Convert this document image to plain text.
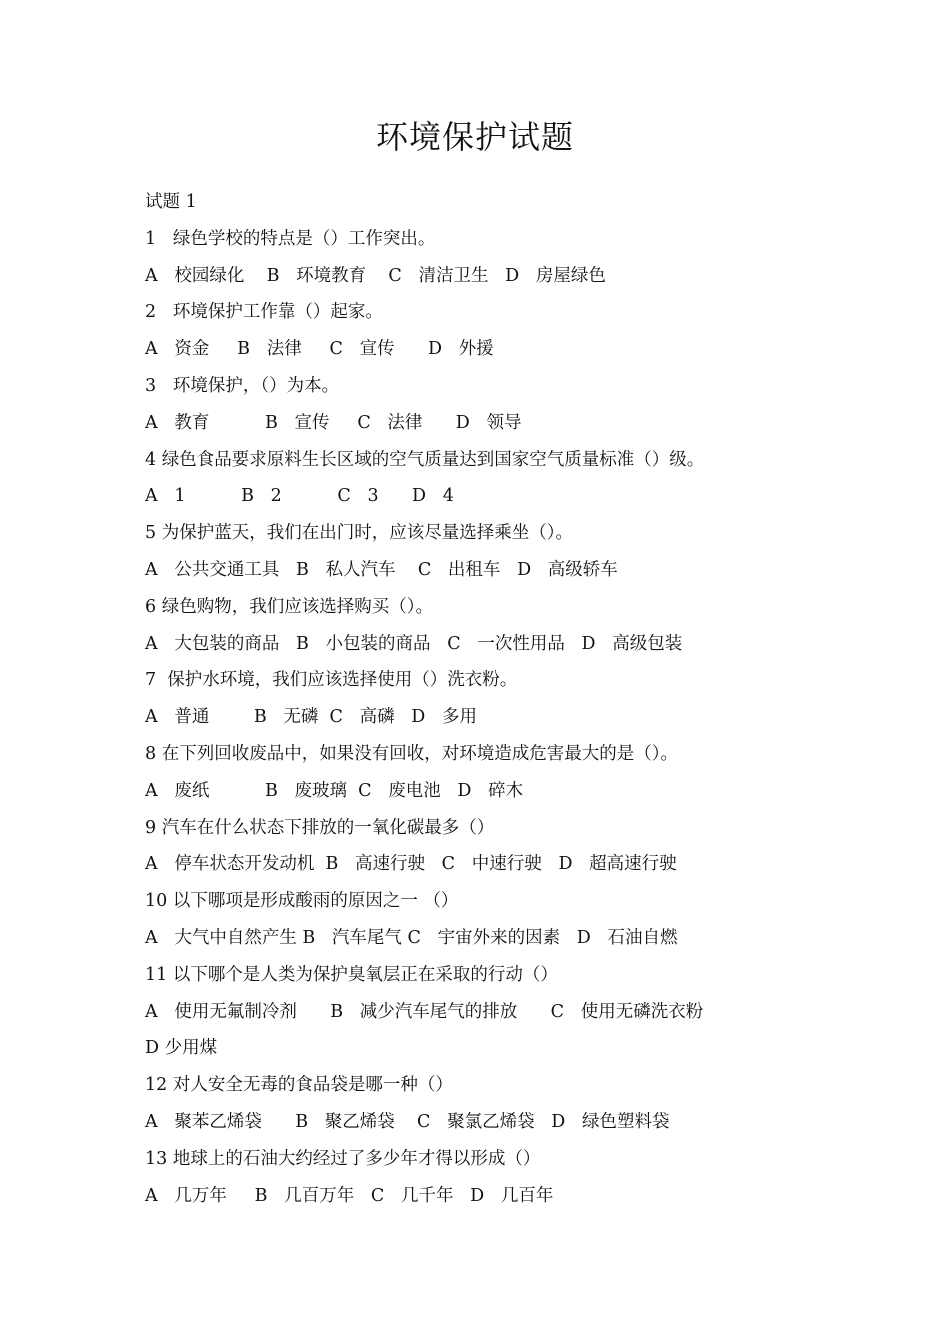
环境保护试题
试题 1
1   绿色学校的特点是（）工作突出。
A   校园绿化    B   环境教育    C   清洁卫生   D   房屋绿色
2   环境保护工作靠（）起家。
A   资金     B   法律     C   宣传      D   外援
3   环境保护，（）为本。
A   教育          B   宣传     C   法律      D   领导
4 绿色食品要求原料生长区域的空气质量达到国家空气质量标准（）级。
A   1          B   2          C   3      D   4
5 为保护蓝天，我们在出门时，应该尽量选择乘坐（）。
A   公共交通工具   B   私人汽车    C   出租车   D   高级轿车
6 绿色购物，我们应该选择购买（）。
A   大包装的商品   B   小包装的商品   C   一次性用品   D   高级包装
7  保护水环境，我们应该选择使用（）洗衣粉。
A   普通        B   无磷  C   高磷   D   多用
8 在下列回收废品中，如果没有回收，对环境造成危害最大的是（）。
A   废纸          B   废玻璃  C   废电池   D   碎木
9 汽车在什么状态下排放的一氧化碳最多（）
A   停车状态开发动机  B   高速行驶   C   中速行驶   D   超高速行驶
10 以下哪项是形成酸雨的原因之一 （）
A   大气中自然产生 B   汽车尾气 C   宇宙外来的因素   D   石油自燃
11 以下哪个是人类为保护臭氧层正在采取的行动（）
A   使用无氟制冷剂      B   减少汽车尾气的排放      C   使用无磷洗衣粉
D 少用煤
12 对人安全无毒的食品袋是哪一种（）
A   聚苯乙烯袋      B   聚乙烯袋    C   聚氯乙烯袋   D   绿色塑料袋
13 地球上的石油大约经过了多少年才得以形成（）
A   几万年     B   几百万年   C   几千年   D   几百年
